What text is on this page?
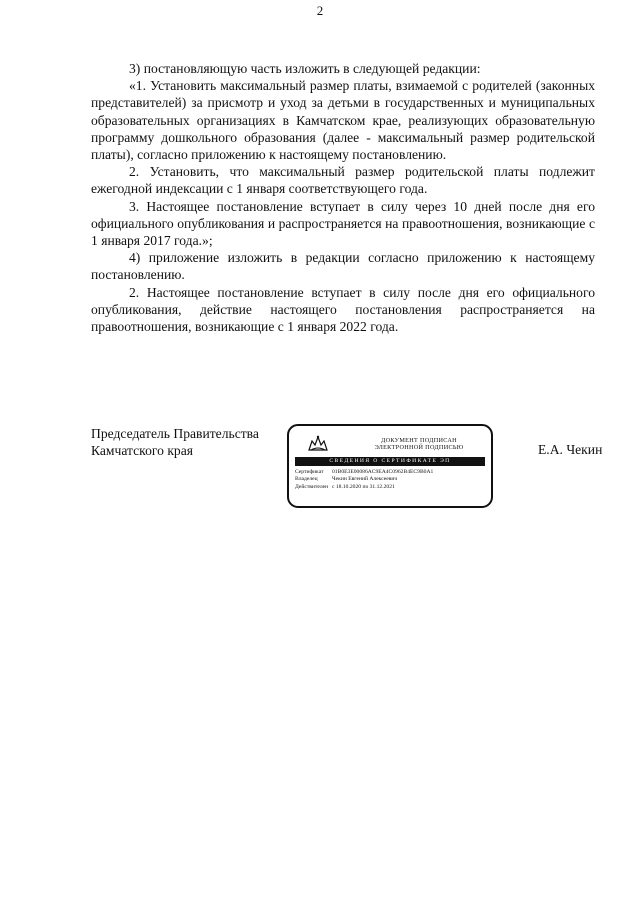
2

3) постановляющую часть изложить в следующей редакции:

«1. Установить максимальный размер платы, взимаемой с родителей (законных представителей) за присмотр и уход за детьми в государственных и муниципальных образовательных организациях в Камчатском крае, реализующих образовательную программу дошкольного образования (далее - максимальный размер родительской платы), согласно приложению к настоящему постановлению.

2. Установить, что максимальный размер родительской платы подлежит ежегодной индексации с 1 января соответствующего года.

3. Настоящее постановление вступает в силу через 10 дней после дня его официального опубликования и распространяется на правоотношения, возникающие с 1 января 2017 года.»;

4) приложение изложить в редакции согласно приложению к настоящему постановлению.

2. Настоящее постановление вступает в силу после дня его официального опубликования, действие настоящего постановления распространяется на правоотношения, возникающие с 1 января 2022 года.

Председатель Правительства
Камчатского края
ДОКУМЕНТ ПОДПИСАН
ЭЛЕКТРОННОЙ ПОДПИСЬЮ
СВЕДЕНИЯ О СЕРТИФИКАТЕ ЭП
Сертификат	01B0E3E00086AC9EA4C0962B4EC9B0A1
Владелец	Чекин Евгений Алексеевич
Действителен с 18.10.2020 по 31.12.2021
Е.А. Чекин
